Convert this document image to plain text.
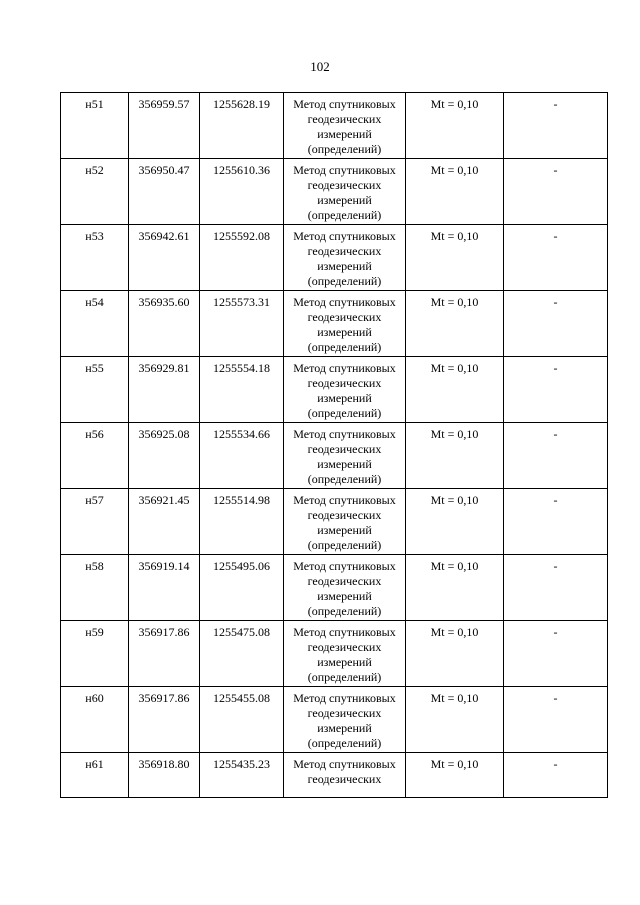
102
н51	356959.57	1255628.19	Метод спутниковых
геодезических
измерений
(определений)	Mt = 0,10	-
н52	356950.47	1255610.36	Метод спутниковых
геодезических
измерений
(определений)	Mt = 0,10	-
н53	356942.61	1255592.08	Метод спутниковых
геодезических
измерений
(определений)	Mt = 0,10	-
н54	356935.60	1255573.31	Метод спутниковых
геодезических
измерений
(определений)	Mt = 0,10	-
н55	356929.81	1255554.18	Метод спутниковых
геодезических
измерений
(определений)	Mt = 0,10	-
н56	356925.08	1255534.66	Метод спутниковых
геодезических
измерений
(определений)	Mt = 0,10	-
н57	356921.45	1255514.98	Метод спутниковых
геодезических
измерений
(определений)	Mt = 0,10	-
н58	356919.14	1255495.06	Метод спутниковых
геодезических
измерений
(определений)	Mt = 0,10	-
н59	356917.86	1255475.08	Метод спутниковых
геодезических
измерений
(определений)	Mt = 0,10	-
н60	356917.86	1255455.08	Метод спутниковых
геодезических
измерений
(определений)	Mt = 0,10	-
н61	356918.80	1255435.23	Метод спутниковых
геодезических	Mt = 0,10	-
